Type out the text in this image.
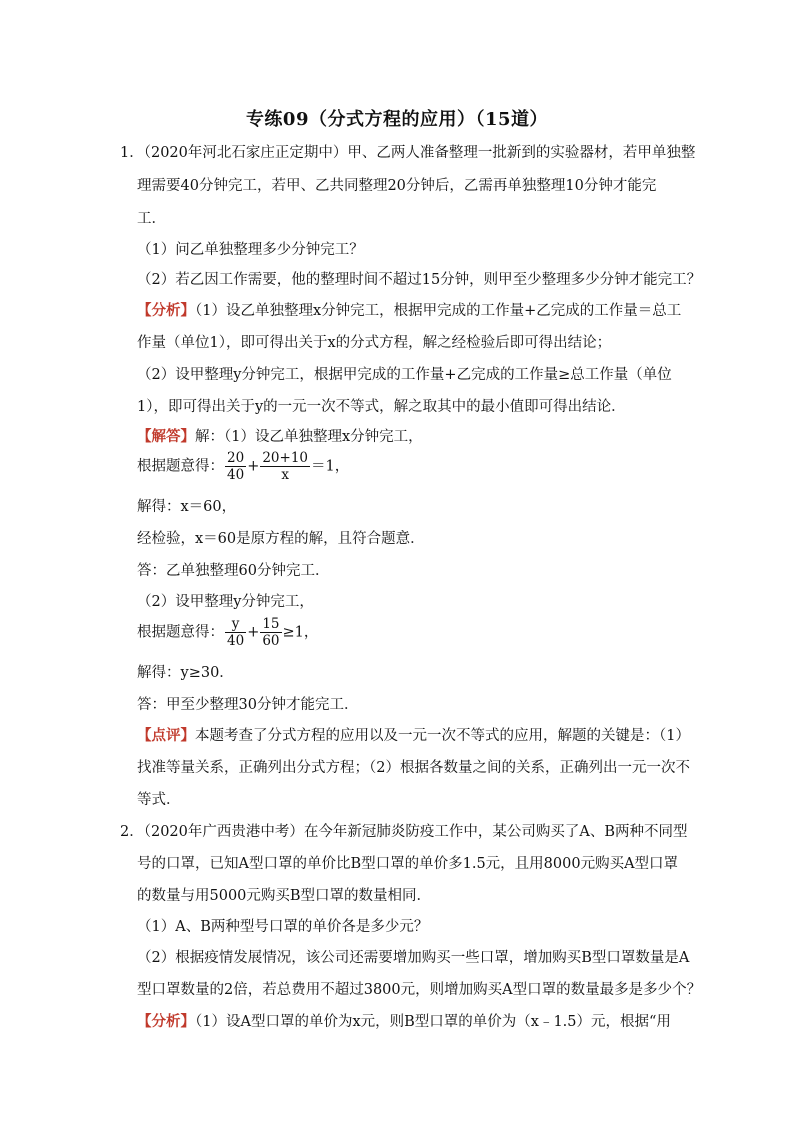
专练09（分式方程的应用）（15道）
1．（2020年河北石家庄正定期中）甲、乙两人准备整理一批新到的实验器材，若甲单独整
理需要40分钟完工，若甲、乙共同整理20分钟后，乙需再单独整理10分钟才能完
工．
（1）问乙单独整理多少分钟完工？
（2）若乙因工作需要，他的整理时间不超过15分钟，则甲至少整理多少分钟才能完工？
【分析】（1）设乙单独整理x分钟完工，根据甲完成的工作量+乙完成的工作量＝总工
作量（单位1），即可得出关于x的分式方程，解之经检验后即可得出结论；
（2）设甲整理y分钟完工，根据甲完成的工作量+乙完成的工作量≥总工作量（单位
1），即可得出关于y的一元一次不等式，解之取其中的最小值即可得出结论．
【解答】解：（1）设乙单独整理x分钟完工，
根据题意得： $\frac{20}{40} + \frac{20+10}{x} =1$，
解得：x＝60，
经检验，x＝60是原方程的解，且符合题意．
答：乙单独整理60分钟完工．
（2）设甲整理y分钟完工，
根据题意得： $\frac{y}{40} + \frac{15}{60} \ge 1$，
解得：y≥30．
答：甲至少整理30分钟才能完工．
【点评】本题考查了分式方程的应用以及一元一次不等式的应用，解题的关键是：（1）
找准等量关系，正确列出分式方程；（2）根据各数量之间的关系，正确列出一元一次不
等式．
2．（2020年广西贵港中考）在今年新冠肺炎防疫工作中，某公司购买了A、B两种不同型
号的口罩，已知A型口罩的单价比B型口罩的单价多1.5元，且用8000元购买A型口罩
的数量与用5000元购买B型口罩的数量相同．
（1）A、B两种型号口罩的单价各是多少元？
（2）根据疫情发展情况，该公司还需要增加购买一些口罩，增加购买B型口罩数量是A
型口罩数量的2倍，若总费用不超过3800元，则增加购买A型口罩的数量最多是多少个？
【分析】（1）设A型口罩的单价为x元，则B型口罩的单价为（x﹣1.5）元，根据“用
